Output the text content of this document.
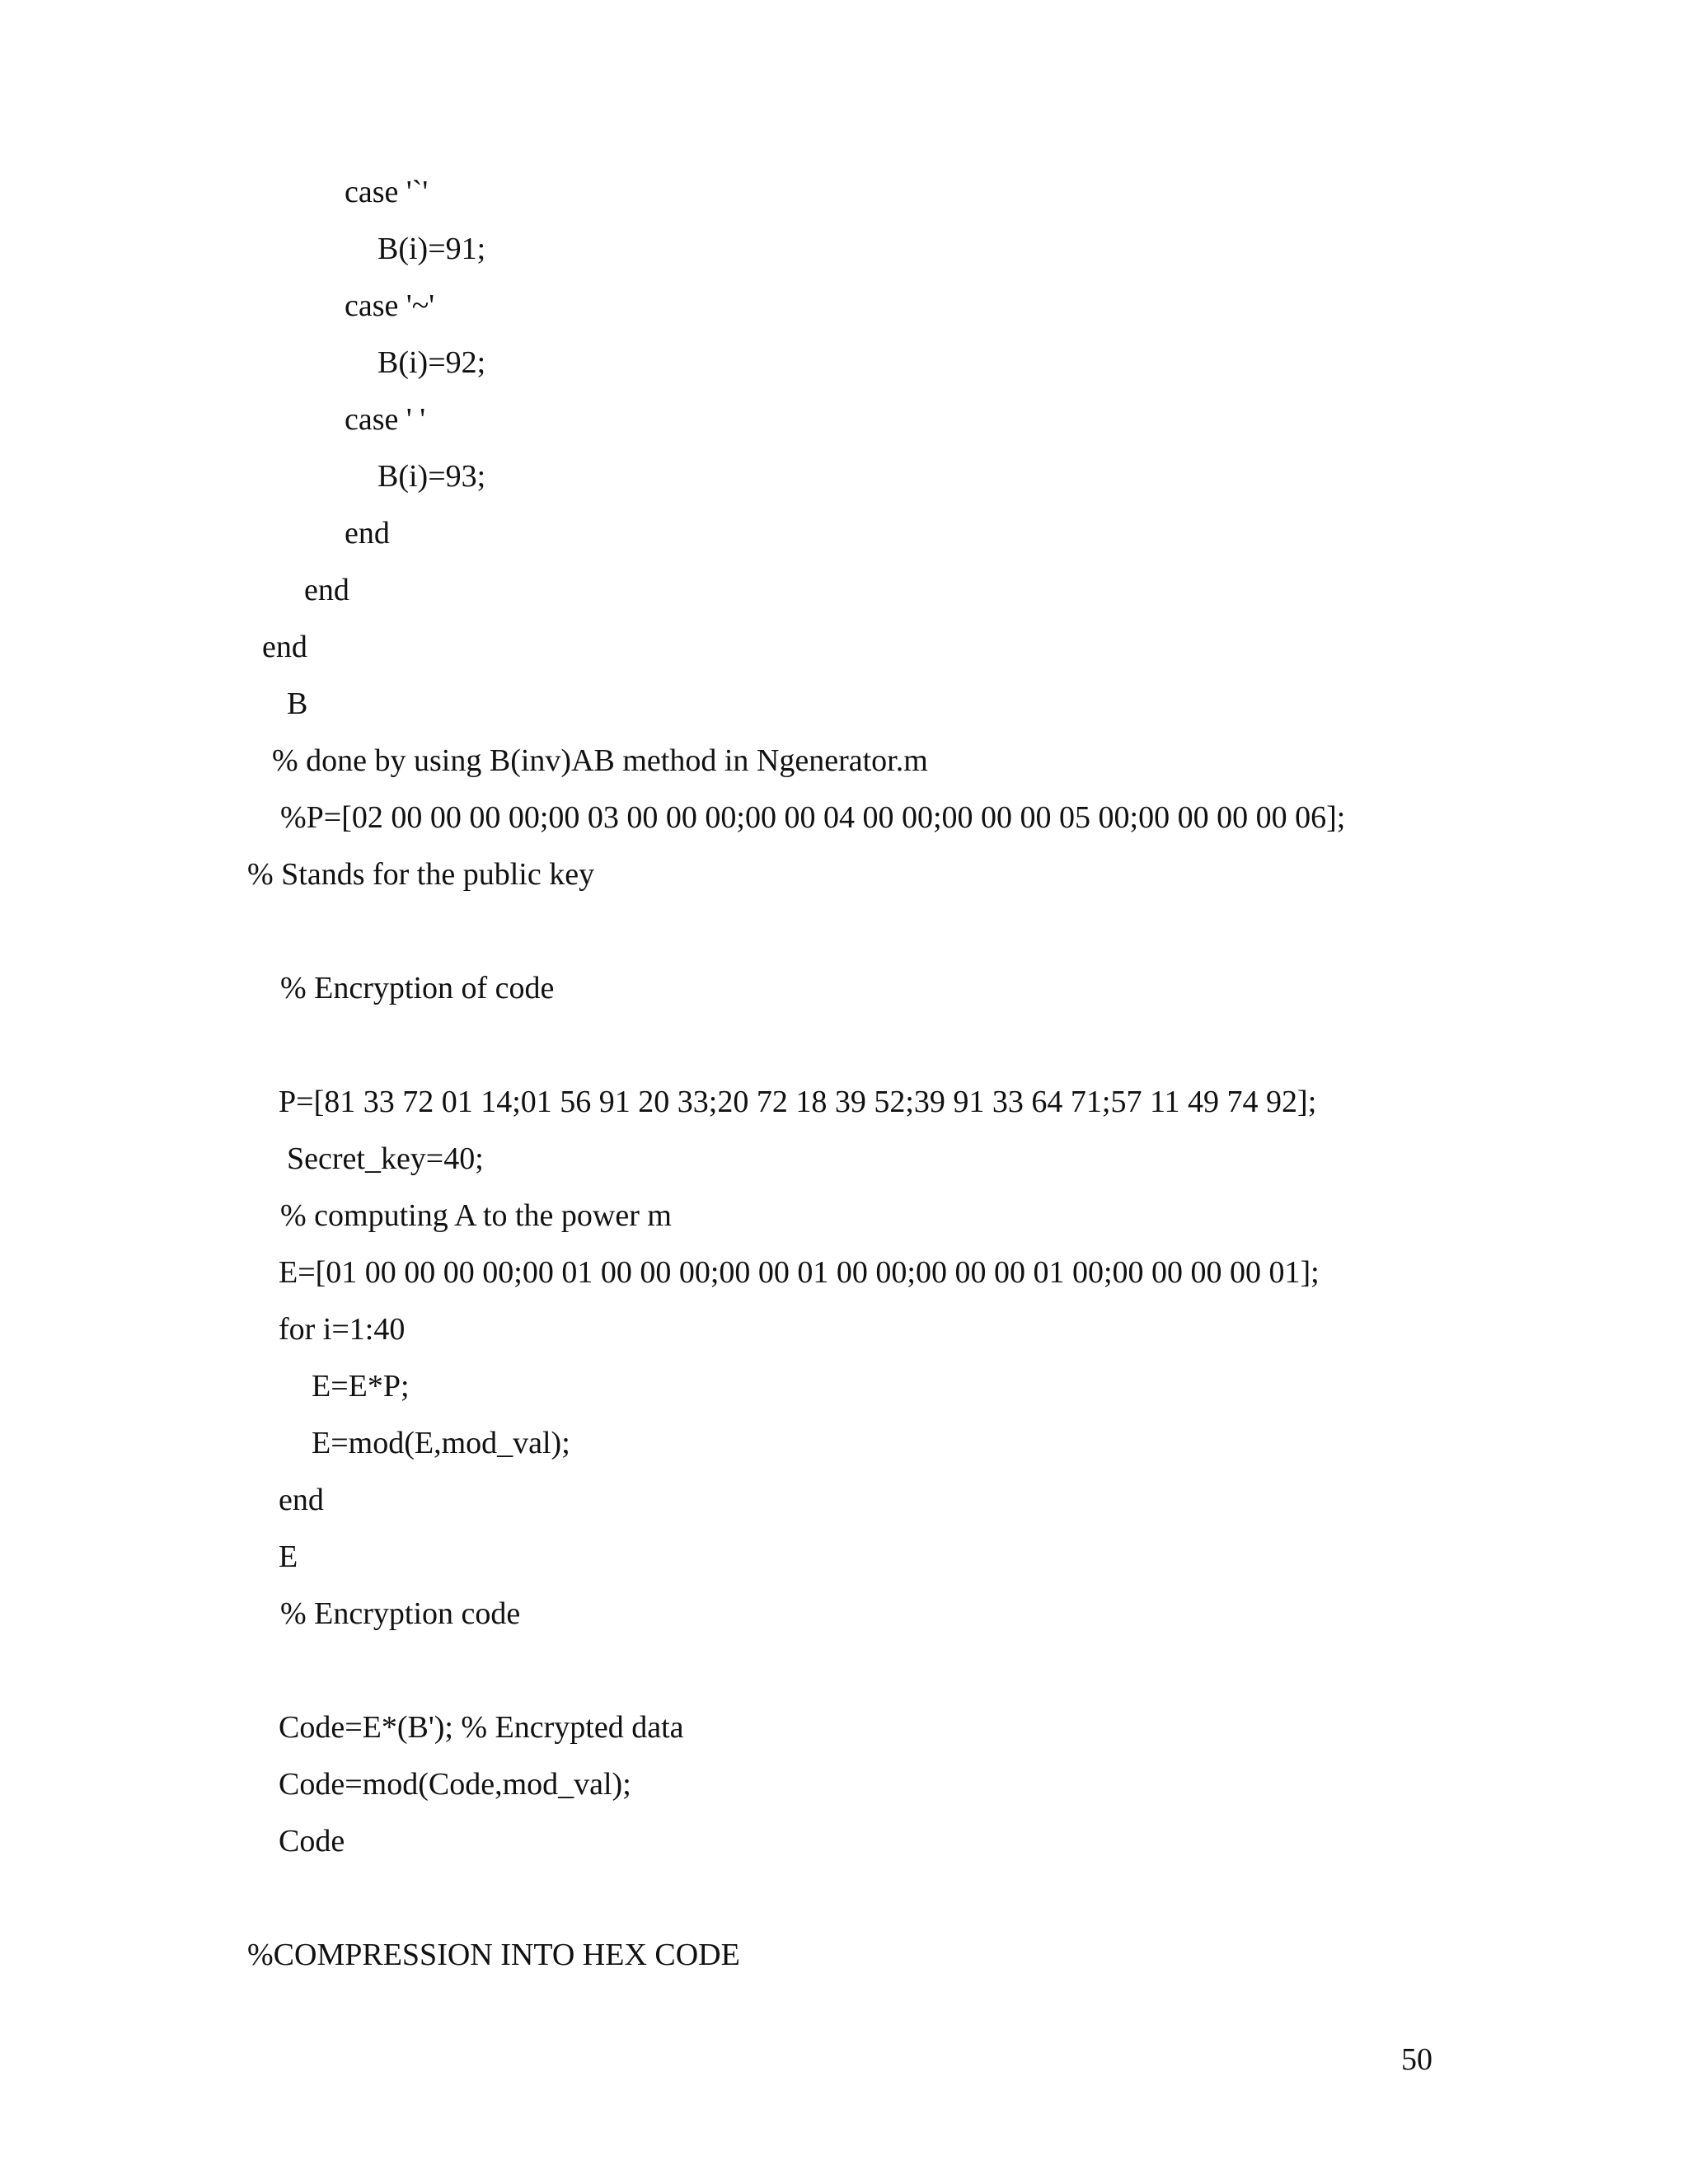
case '`'
B(i)=91;
case '~'
B(i)=92;
case ' '
B(i)=93;
end
end
end
B
% done by using B(inv)AB method in Ngenerator.m
%P=[02 00 00 00 00;00 03 00 00 00;00 00 04 00 00;00 00 00 05 00;00 00 00 00 06];
% Stands for the public key
% Encryption of code
P=[81 33 72 01 14;01 56 91 20 33;20 72 18 39 52;39 91 33 64 71;57 11 49 74 92];
Secret_key=40;
% computing A to the power m
E=[01 00 00 00 00;00 01 00 00 00;00 00 01 00 00;00 00 00 01 00;00 00 00 00 01];
for i=1:40
E=E*P;
E=mod(E,mod_val);
end
E
% Encryption code
Code=E*(B'); % Encrypted data
Code=mod(Code,mod_val);
Code
%COMPRESSION INTO HEX CODE
50
